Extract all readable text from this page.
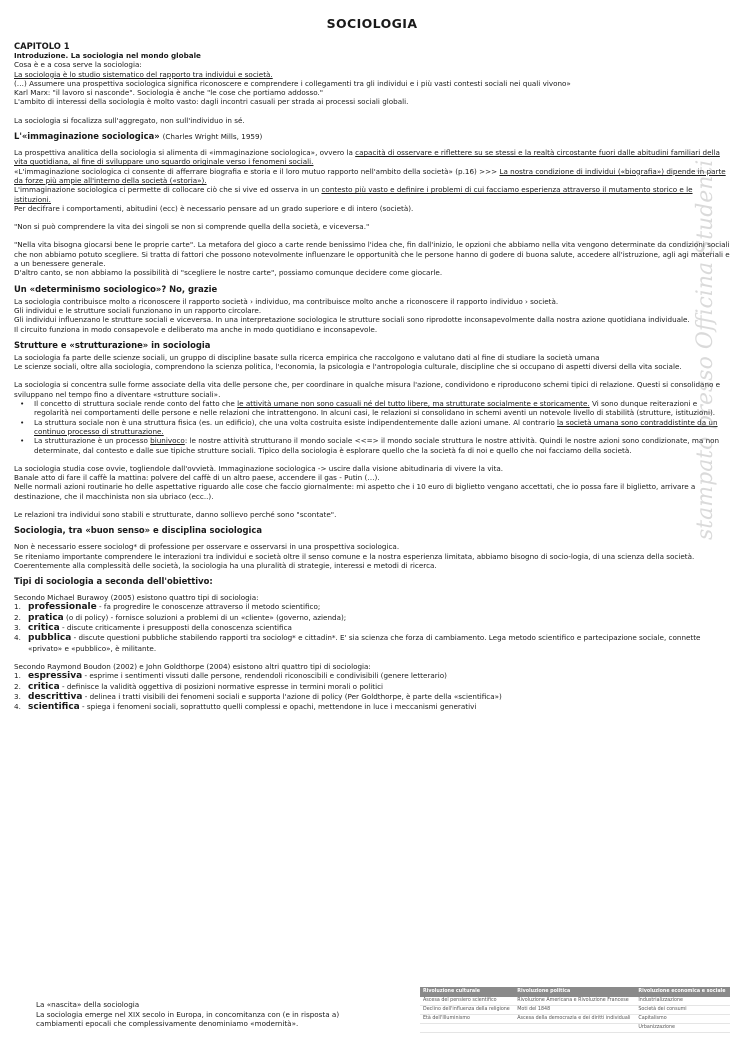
SOCIOLOGIA

CAPITOLO 1

Introduzione. La sociologia nel mondo globale

Cosa è e a cosa serve la sociologia:

La sociologia è lo studio sistematico del rapporto tra individui e società.

(…) Assumere una prospettiva sociologica significa riconoscere e comprendere i collegamenti tra gli individui e i più vasti contesti sociali nei quali vivono»

Karl Marx: "il lavoro si nasconde". Sociologia è anche "le cose che portiamo addosso."

L'ambito di interessi della sociologia è molto vasto: dagli incontri casuali per strada ai processi sociali globali.

La sociologia si focalizza sull'aggregato, non sull'individuo in sé.

L'«immaginazione sociologica» (Charles Wright Mills, 1959)

La prospettiva analitica della sociologia si alimenta di «immaginazione sociologica», ovvero la capacità di osservare e riflettere su se stessi e la realtà circostante fuori dalle abitudini familiari della vita quotidiana, al fine di sviluppare uno sguardo originale verso i fenomeni sociali.

«L'immaginazione sociologica ci consente di afferrare biografia e storia e il loro mutuo rapporto nell'ambito della società» (p.16) >>> La nostra condizione di individui («biografia») dipende in parte da forze più ampie all'interno della società («storia»).

L'immaginazione sociologica ci permette di collocare ciò che si vive ed osserva in un contesto più vasto e definire i problemi di cui facciamo esperienza attraverso il mutamento storico e le istituzioni.

Per decifrare i comportamenti, abitudini (ecc) è necessario pensare ad un grado superiore e di intero (società).

"Non si può comprendere la vita dei singoli se non si comprende quella della società, e viceversa."

"Nella vita bisogna giocarsi bene le proprie carte". La metafora del gioco a carte rende benissimo l'idea che, fin dall'inizio, le opzioni che abbiamo nella vita vengono determinate da condizioni sociali che non abbiamo potuto scegliere. Si tratta di fattori che possono notevolmente influenzare le opportunità che le persone hanno di godere di buona salute, accedere all'istruzione, agli agi materiali e a un benessere generale.

D'altro canto, se non abbiamo la possibilità di "scegliere le nostre carte", possiamo comunque decidere come giocarle.

Un «determinismo sociologico»? No, grazie

La sociologia contribuisce molto a riconoscere il rapporto società › individuo, ma contribuisce molto anche a riconoscere il rapporto individuo › società.

Gli individui e le strutture sociali funzionano in un rapporto circolare.

Gli individui influenzano le strutture sociali e viceversa. In una interpretazione sociologica le strutture sociali sono riprodotte inconsapevolmente dalla nostra azione quotidiana individuale.

Il circuito funziona in modo consapevole e deliberato ma anche in modo quotidiano e inconsapevole.

Strutture e «strutturazione» in sociologia

La sociologia fa parte delle scienze sociali, un gruppo di discipline basate sulla ricerca empirica che raccolgono e valutano dati al fine di studiare la società umana

Le scienze sociali, oltre alla sociologia, comprendono la scienza politica, l'economia, la psicologia e l'antropologia culturale, discipline che si occupano di aspetti diversi della vita sociale.

La sociologia si concentra sulle forme associate della vita delle persone che, per coordinare in qualche misura l'azione, condividono e riproducono schemi tipici di relazione. Questi si consolidano e sviluppano nel tempo fino a diventare «strutture sociali».

• Il concetto di struttura sociale rende conto del fatto che le attività umane non sono casuali né del tutto libere, ma strutturate socialmente e storicamente. Vi sono dunque reiterazioni e regolarità nei comportamenti delle persone e nelle relazioni che intrattengono. In alcuni casi, le relazioni si consolidano in schemi aventi un notevole livello di stabilità (strutture, istituzioni).
• La struttura sociale non è una struttura fisica (es. un edificio), che una volta costruita esiste indipendentemente dalle azioni umane. Al contrario la società umana sono contraddistinte da un continuo processo di strutturazione.
• La strutturazione è un processo biunivoco: le nostre attività strutturano il mondo sociale <<=> il mondo sociale struttura le nostre attività. Quindi le nostre azioni sono condizionate, ma non determinate, dal contesto e dalle sue tipiche strutture sociali. Tipico della sociologia è esplorare quello che la società fa di noi e quello che noi facciamo della società.

La sociologia studia cose ovvie, togliendole dall'ovvietà. Immaginazione sociologica -> uscire dalla visione abitudinaria di vivere la vita.

Banale atto di fare il caffè la mattina: polvere del caffè di un altro paese, accendere il gas - Putin (…).

Nelle normali azioni routinarie ho delle aspettative riguardo alle cose che faccio giornalmente: mi aspetto che i 10 euro di biglietto vengano accettati, che io possa fare il biglietto, arrivare a destinazione, che il macchinista non sia ubriaco (ecc..).

Le relazioni tra individui sono stabili e strutturate, danno sollievo perché sono "scontate".

Sociologia, tra «buon senso» e disciplina sociologica

Non è necessario essere sociolog* di professione per osservare e osservarsi in una prospettiva sociologica.

Se riteniamo importante comprendere le interazioni tra individui e società oltre il senso comune e la nostra esperienza limitata, abbiamo bisogno di socio-logia, di una scienza della società.

Coerentemente alla complessità delle società, la sociologia ha una pluralità di strategie, interessi e metodi di ricerca.

Tipi di sociologia a seconda dell'obiettivo:

Secondo Michael Burawoy (2005) esistono quattro tipi di sociologia:

1. professionale - fa progredire le conoscenze attraverso il metodo scientifico;
2. pratica (o di policy) - fornisce soluzioni a problemi di un «cliente» (governo, azienda);
3. critica - discute criticamente i presupposti della conoscenza scientifica
4. pubblica - discute questioni pubbliche stabilendo rapporti tra sociolog* e cittadin*. E' sia scienza che forza di cambiamento. Lega metodo scientifico e partecipazione sociale, connette «privato» e «pubblico», è militante.

Secondo Raymond Boudon (2002) e John Goldthorpe (2004) esistono altri quattro tipi di sociologia:

1. espressiva - esprime i sentimenti vissuti dalle persone, rendendoli riconoscibili e condivisibili (genere letterario)
2. critica - definisce la validità oggettiva di posizioni normative espresse in termini morali o politici
3. descrittiva - delinea i tratti visibili dei fenomeni sociali e supporta l'azione di policy (Per Goldthorpe, è parte della «scientifica»)
4. scientifica - spiega i fenomeni sociali, soprattutto quelli complessi e opachi, mettendone in luce i meccanismi generativi

La «nascita» della sociologia

La sociologia emerge nel XIX secolo in Europa, in concomitanza con (e in risposta a) cambiamenti epocali che complessivamente denominiamo «modernità».

Rivoluzione culturale	Rivoluzione politica	Rivoluzione economica e sociale
Ascesa del pensiero scientifico	Rivoluzione Americana e Rivoluzione Francese	Industrializzazione
Declino dell'influenza della religione	Moti del 1848	Società dei consumi
Età dell'Illuminismo	Ascesa della democrazia e dei diritti individuali	Capitalismo
		Urbanizzazione
stampato presso Officina Studenti
